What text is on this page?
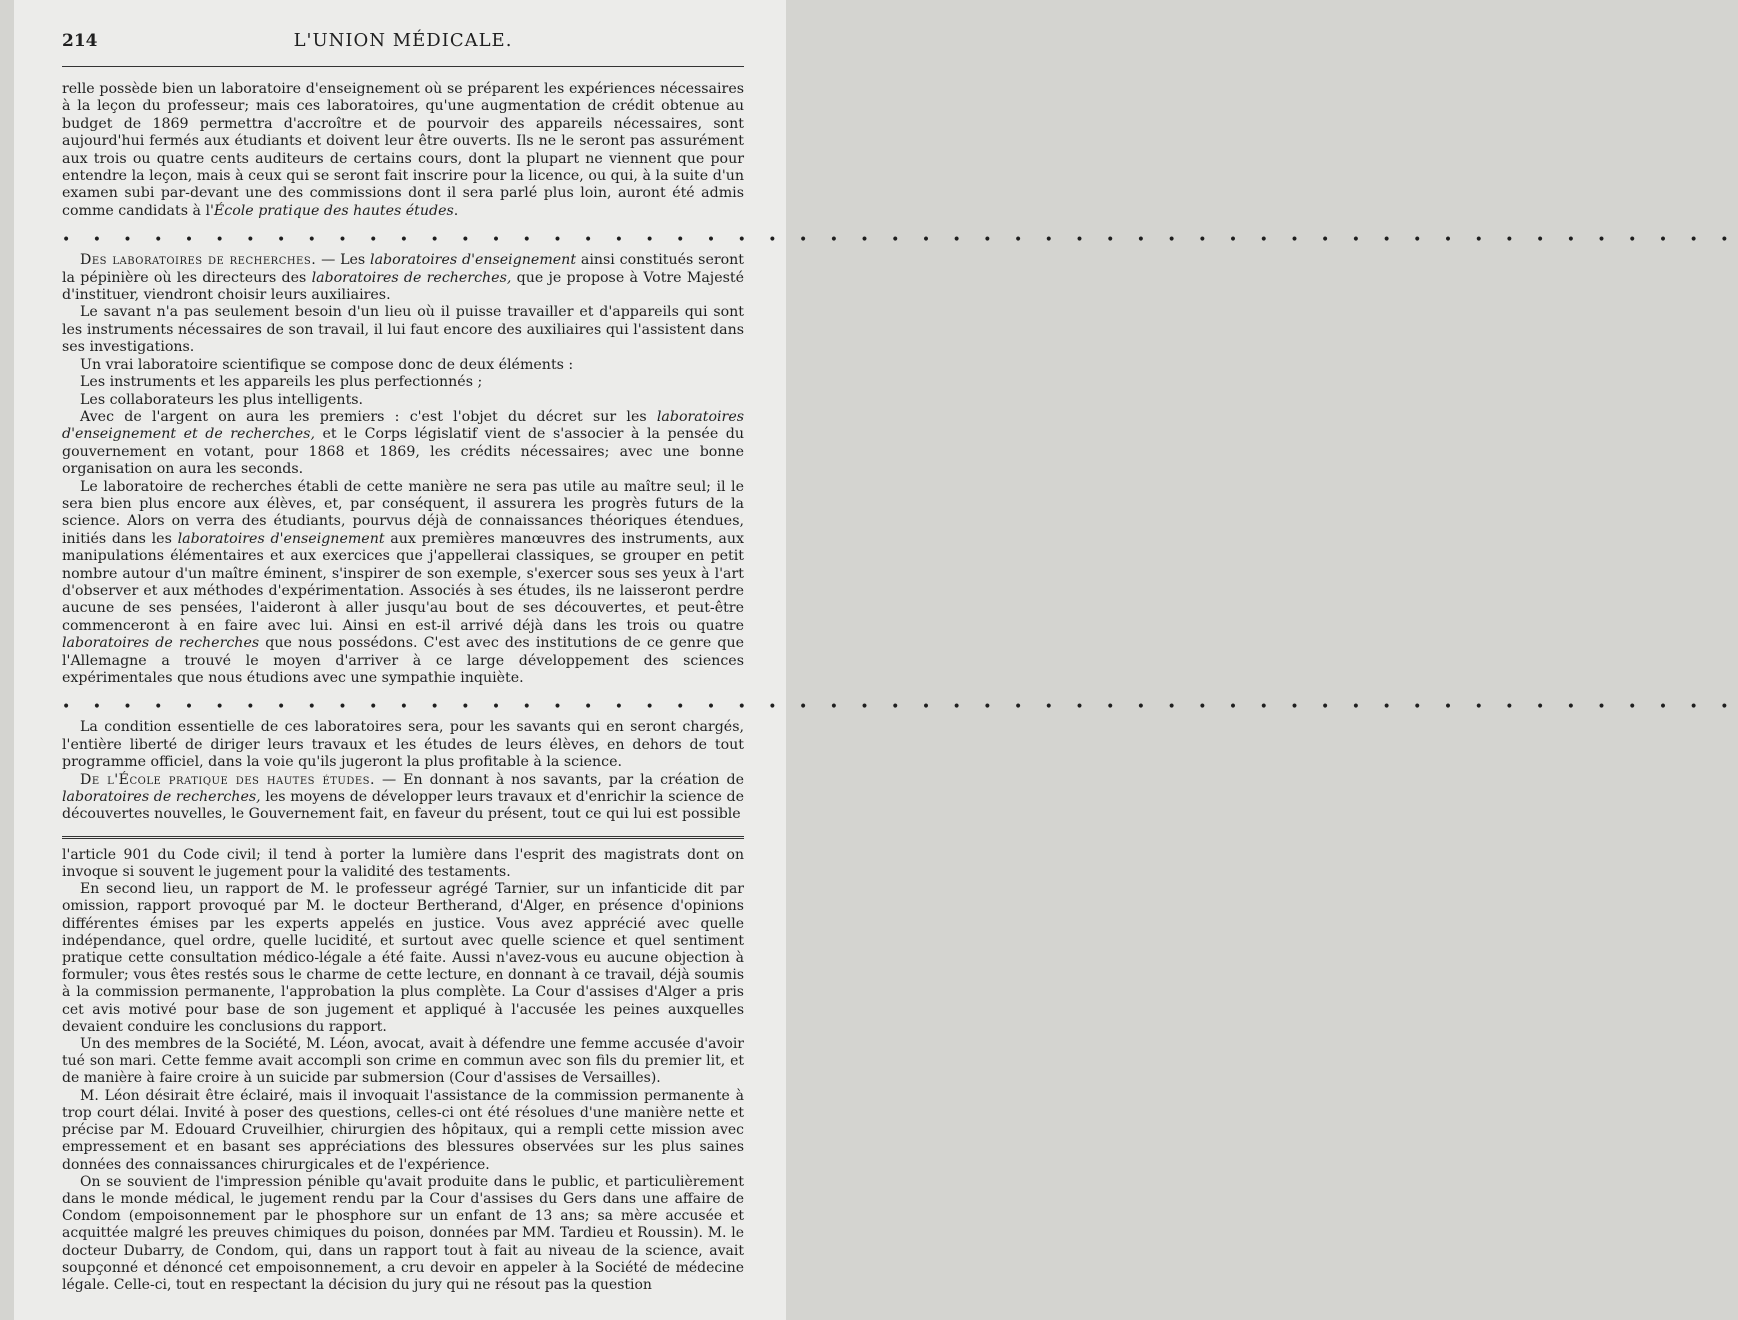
214	L'UNION MÉDICALE.

relle possède bien un laboratoire d'enseignement où se préparent les expériences nécessaires à la leçon du professeur; mais ces laboratoires, qu'une augmentation de crédit obtenue au budget de 1869 permettra d'accroître et de pourvoir des appareils nécessaires, sont aujourd'hui fermés aux étudiants et doivent leur être ouverts. Ils ne le seront pas assurément aux trois ou quatre cents auditeurs de certains cours, dont la plupart ne viennent que pour entendre la leçon, mais à ceux qui se seront fait inscrire pour la licence, ou qui, à la suite d'un examen subi par-devant une des commissions dont il sera parlé plus loin, auront été admis comme candidats à l'École pratique des hautes études.

• • • • • • • • • • • • • • • • • • • • • • • • • • • • • • • • • • • • • • • • • • • • • • • • • • • • • • •

Des laboratoires de recherches. — Les laboratoires d'enseignement ainsi constitués seront la pépinière où les directeurs des laboratoires de recherches, que je propose à Votre Majesté d'instituer, viendront choisir leurs auxiliaires.

Le savant n'a pas seulement besoin d'un lieu où il puisse travailler et d'appareils qui sont les instruments nécessaires de son travail, il lui faut encore des auxiliaires qui l'assistent dans ses investigations.

Un vrai laboratoire scientifique se compose donc de deux éléments :

Les instruments et les appareils les plus perfectionnés ;

Les collaborateurs les plus intelligents.

Avec de l'argent on aura les premiers : c'est l'objet du décret sur les laboratoires d'enseignement et de recherches, et le Corps législatif vient de s'associer à la pensée du gouvernement en votant, pour 1868 et 1869, les crédits nécessaires; avec une bonne organisation on aura les seconds.

Le laboratoire de recherches établi de cette manière ne sera pas utile au maître seul; il le sera bien plus encore aux élèves, et, par conséquent, il assurera les progrès futurs de la science. Alors on verra des étudiants, pourvus déjà de connaissances théoriques étendues, initiés dans les laboratoires d'enseignement aux premières manœuvres des instruments, aux manipulations élémentaires et aux exercices que j'appellerai classiques, se grouper en petit nombre autour d'un maître éminent, s'inspirer de son exemple, s'exercer sous ses yeux à l'art d'observer et aux méthodes d'expérimentation. Associés à ses études, ils ne laisseront perdre aucune de ses pensées, l'aideront à aller jusqu'au bout de ses découvertes, et peut-être commenceront à en faire avec lui. Ainsi en est-il arrivé déjà dans les trois ou quatre laboratoires de recherches que nous possédons. C'est avec des institutions de ce genre que l'Allemagne a trouvé le moyen d'arriver à ce large développement des sciences expérimentales que nous étudions avec une sympathie inquiète.

• • • • • • • • • • • • • • • • • • • • • • • • • • • • • • • • • • • • • • • • • • • • • • • • • • • • • • •

La condition essentielle de ces laboratoires sera, pour les savants qui en seront chargés, l'entière liberté de diriger leurs travaux et les études de leurs élèves, en dehors de tout programme officiel, dans la voie qu'ils jugeront la plus profitable à la science.

De l'École pratique des hautes études. — En donnant à nos savants, par la création de laboratoires de recherches, les moyens de développer leurs travaux et d'enrichir la science de découvertes nouvelles, le Gouvernement fait, en faveur du présent, tout ce qui lui est possible

l'article 901 du Code civil; il tend à porter la lumière dans l'esprit des magistrats dont on invoque si souvent le jugement pour la validité des testaments.

En second lieu, un rapport de M. le professeur agrégé Tarnier, sur un infanticide dit par omission, rapport provoqué par M. le docteur Bertherand, d'Alger, en présence d'opinions différentes émises par les experts appelés en justice. Vous avez apprécié avec quelle indépendance, quel ordre, quelle lucidité, et surtout avec quelle science et quel sentiment pratique cette consultation médico-légale a été faite. Aussi n'avez-vous eu aucune objection à formuler; vous êtes restés sous le charme de cette lecture, en donnant à ce travail, déjà soumis à la commission permanente, l'approbation la plus complète. La Cour d'assises d'Alger a pris cet avis motivé pour base de son jugement et appliqué à l'accusée les peines auxquelles devaient conduire les conclusions du rapport.

Un des membres de la Société, M. Léon, avocat, avait à défendre une femme accusée d'avoir tué son mari. Cette femme avait accompli son crime en commun avec son fils du premier lit, et de manière à faire croire à un suicide par submersion (Cour d'assises de Versailles).

M. Léon désirait être éclairé, mais il invoquait l'assistance de la commission permanente à trop court délai. Invité à poser des questions, celles-ci ont été résolues d'une manière nette et précise par M. Edouard Cruveilhier, chirurgien des hôpitaux, qui a rempli cette mission avec empressement et en basant ses appréciations des blessures observées sur les plus saines données des connaissances chirurgicales et de l'expérience.

On se souvient de l'impression pénible qu'avait produite dans le public, et particulièrement dans le monde médical, le jugement rendu par la Cour d'assises du Gers dans une affaire de Condom (empoisonnement par le phosphore sur un enfant de 13 ans; sa mère accusée et acquittée malgré les preuves chimiques du poison, données par MM. Tardieu et Roussin). M. le docteur Dubarry, de Condom, qui, dans un rapport tout à fait au niveau de la science, avait soupçonné et dénoncé cet empoisonnement, a cru devoir en appeler à la Société de médecine légale. Celle-ci, tout en respectant la décision du jury qui ne résout pas la question
